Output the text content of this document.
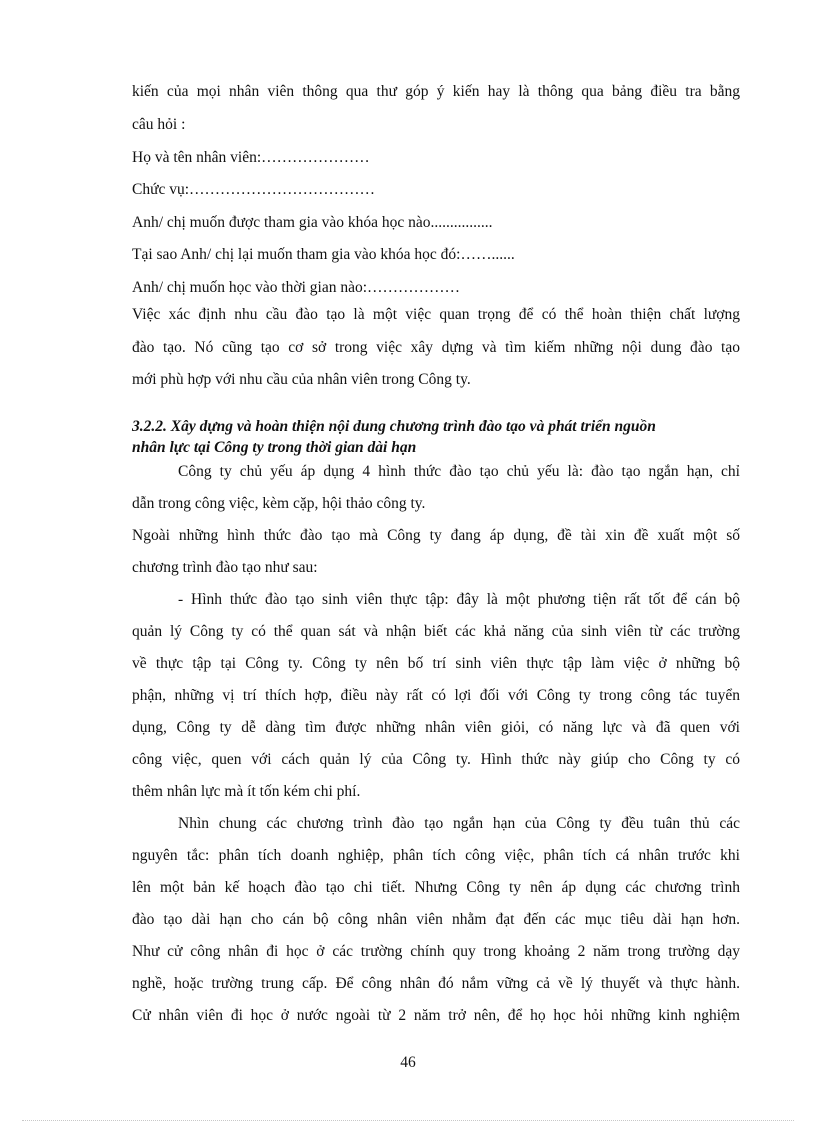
kiến của mọi nhân viên thông qua thư góp ý kiến hay là thông qua bảng điều tra bằng
câu hỏi :
Họ và tên nhân viên:…………………
Chức vụ:………………………………
Anh/ chị muốn được tham gia vào khóa học nào................
Tại sao Anh/ chị lại muốn tham gia vào khóa học đó:……......
Anh/ chị muốn học vào thời gian nào:………………
Việc xác định nhu cầu đào tạo là một việc quan trọng để có thể hoàn thiện chất lượng
đào tạo. Nó cũng tạo cơ sở trong việc xây dựng và tìm kiếm những nội dung đào tạo
mới phù hợp với nhu cầu của nhân viên trong Công ty.
3.2.2. Xây dựng và hoàn thiện nội dung chương trình đào tạo và phát triển nguồn
nhân lực tại Công ty trong thời gian dài hạn
Công ty chủ yếu áp dụng 4 hình thức đào tạo chủ yếu là: đào tạo ngắn hạn, chỉ
dẫn trong công việc, kèm cặp, hội thảo công ty.
Ngoài những hình thức đào tạo mà Công ty đang áp dụng, đề tài xin đề xuất một số
chương trình đào tạo như sau:
- Hình thức đào tạo sinh viên thực tập: đây là một phương tiện rất tốt để cán bộ
quản lý Công ty có thể quan sát và nhận biết các khả năng của sinh viên từ các trường
về thực tập tại Công ty. Công ty nên bố trí sinh viên thực tập làm việc ở những bộ
phận, những vị trí thích hợp, điều này rất có lợi đối với Công ty trong công tác tuyển
dụng, Công ty dễ dàng tìm được những nhân viên giỏi, có năng lực và đã quen với
công việc, quen với cách quản lý của Công ty. Hình thức này giúp cho Công ty có
thêm nhân lực mà ít tốn kém chi phí.
Nhìn chung các chương trình đào tạo ngắn hạn của Công ty đều tuân thủ các
nguyên tắc: phân tích doanh nghiệp, phân tích công việc, phân tích cá nhân trước khi
lên một bản kế hoạch đào tạo chi tiết. Nhưng Công ty nên áp dụng các chương trình
đào tạo dài hạn cho cán bộ công nhân viên nhằm đạt đến các mục tiêu dài hạn hơn.
Như cử công nhân đi học ở các trường chính quy trong khoảng 2 năm trong trường dạy
nghề, hoặc trường trung cấp. Để công nhân đó nắm vững cả về lý thuyết và thực hành.
Cử nhân viên đi học ở nước ngoài từ 2 năm trở nên, để họ học hỏi những kinh nghiệm
46
